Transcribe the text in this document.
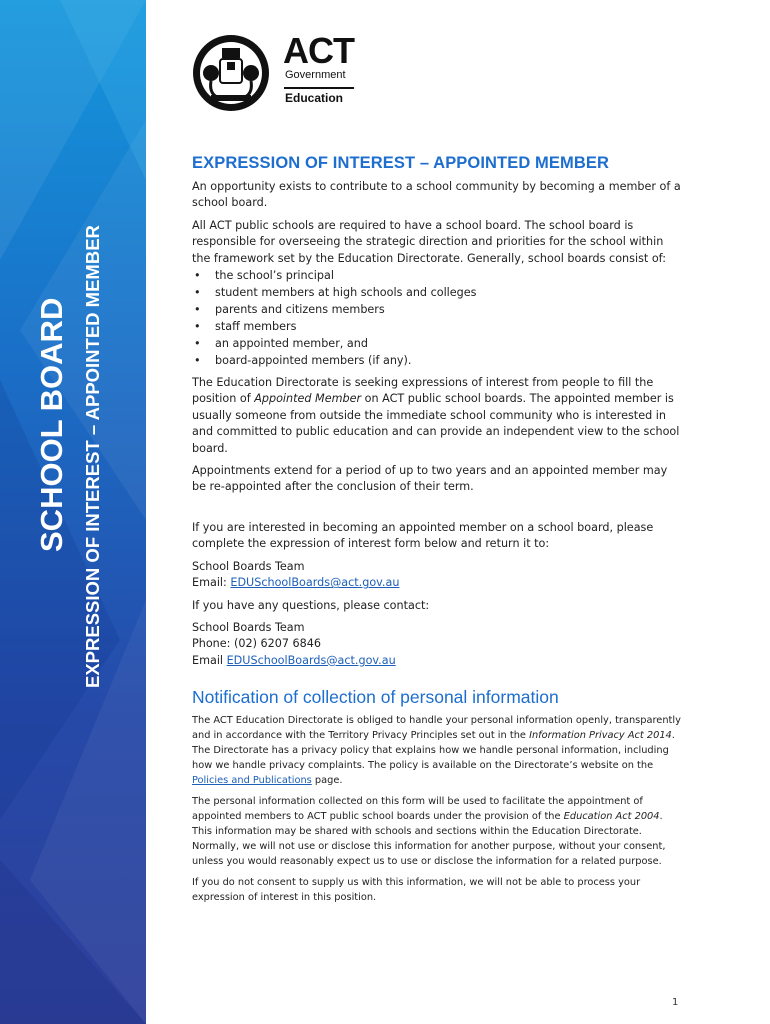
SCHOOL BOARD EXPRESSION OF INTEREST – APPOINTED MEMBER
ACT
Government
Education
EXPRESSION OF INTEREST – APPOINTED MEMBER

An opportunity exists to contribute to a school community by becoming a member of a school board.

All ACT public schools are required to have a school board. The school board is responsible for overseeing the strategic direction and priorities for the school within the framework set by the Education Directorate. Generally, school boards consist of:

• the school’s principal
• student members at high schools and colleges
• parents and citizens members
• staff members
• an appointed member, and
• board-appointed members (if any).

The Education Directorate is seeking expressions of interest from people to fill the position of Appointed Member on ACT public school boards. The appointed member is usually someone from outside the immediate school community who is interested in and committed to public education and can provide an independent view to the school board.

Appointments extend for a period of up to two years and an appointed member may be re-appointed after the conclusion of their term.

If you are interested in becoming an appointed member on a school board, please complete the expression of interest form below and return it to:

School Boards Team
Email: EDUSchoolBoards@act.gov.au

If you have any questions, please contact:

School Boards Team
Phone: (02) 6207 6846
Email EDUSchoolBoards@act.gov.au

Notification of collection of personal information

The ACT Education Directorate is obliged to handle your personal information openly, transparently and in accordance with the Territory Privacy Principles set out in the Information Privacy Act 2014. The Directorate has a privacy policy that explains how we handle personal information, including how we handle privacy complaints. The policy is available on the Directorate’s website on the Policies and Publications page.

The personal information collected on this form will be used to facilitate the appointment of appointed members to ACT public school boards under the provision of the Education Act 2004. This information may be shared with schools and sections within the Education Directorate. Normally, we will not use or disclose this information for another purpose, without your consent, unless you would reasonably expect us to use or disclose the information for a related purpose.

If you do not consent to supply us with this information, we will not be able to process your expression of interest in this position.

1
